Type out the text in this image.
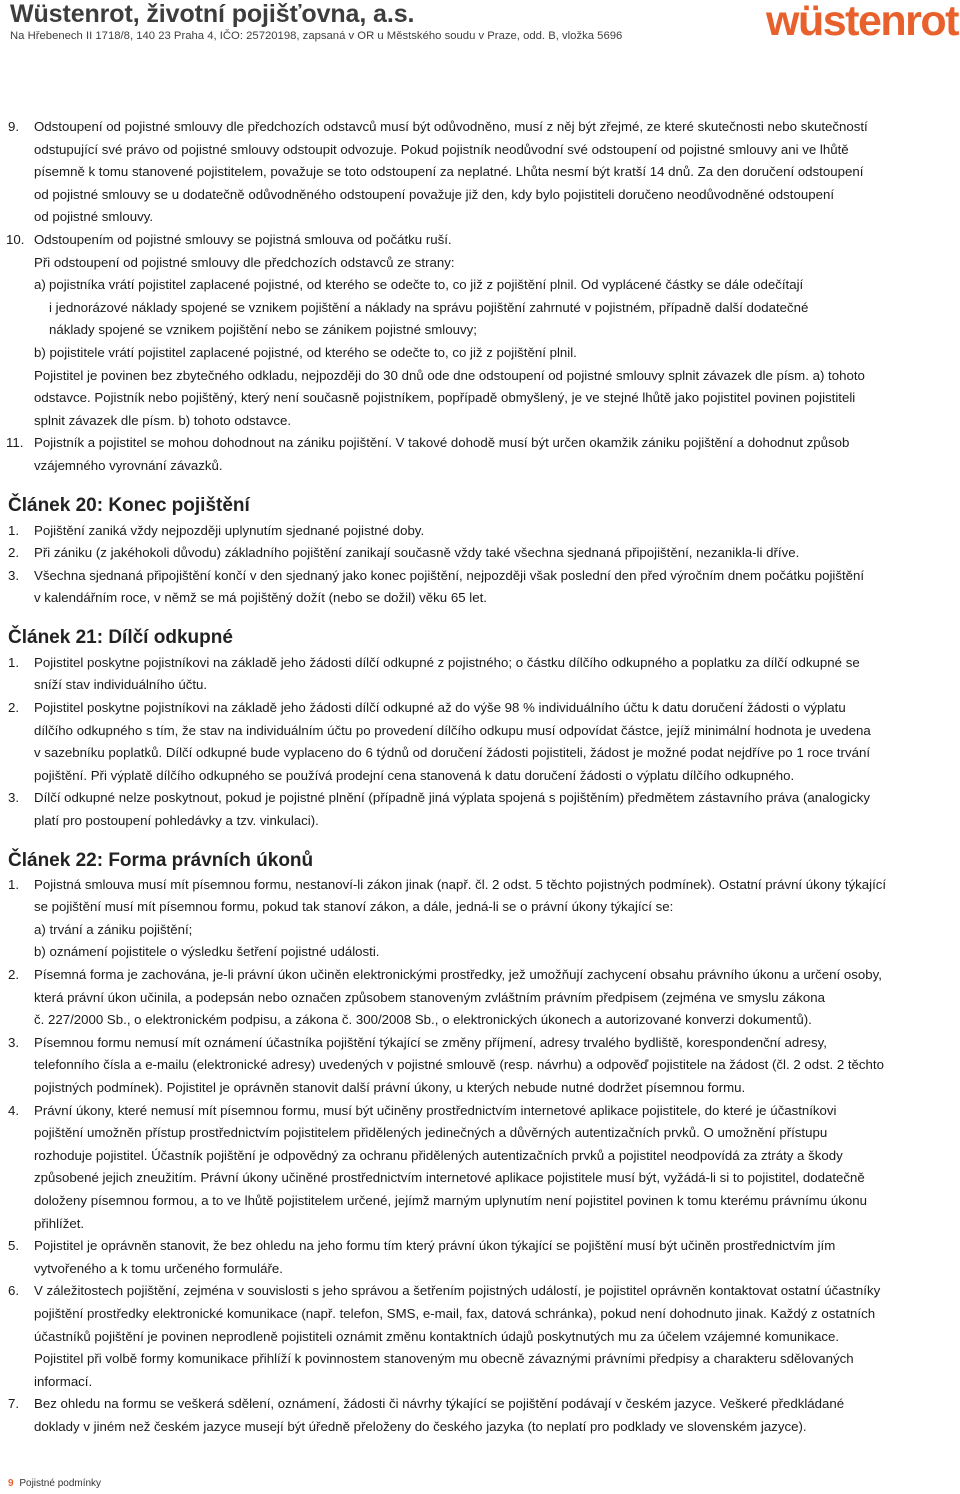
Wüstenrot, životní pojišťovna, a.s.
Na Hřebenech II 1718/8, 140 23 Praha 4, IČO: 25720198, zapsaná v OR u Městského soudu v Praze, odd. B, vložka 5696	wüstenrot
9. Odstoupení od pojistné smlouvy dle předchozích odstavců musí být odůvodněno, musí z něj být zřejmé, ze které skutečnosti nebo skutečností
odstupující své právo od pojistné smlouvy odstoupit odvozuje. Pokud pojistník neodůvodní své odstoupení od pojistné smlouvy ani ve lhůtě
písemně k tomu stanovené pojistitelem, považuje se toto odstoupení za neplatné. Lhůta nesmí být kratší 14 dnů. Za den doručení odstoupení
od pojistné smlouvy se u dodatečně odůvodněného odstoupení považuje již den, kdy bylo pojistiteli doručeno neodůvodněné odstoupení
od pojistné smlouvy.
10. Odstoupením od pojistné smlouvy se pojistná smlouva od počátku ruší.
Při odstoupení od pojistné smlouvy dle předchozích odstavců ze strany:
a) pojistníka vrátí pojistitel zaplacené pojistné, od kterého se odečte to, co již z pojištění plnil. Od vyplácené částky se dále odečítají
i jednorázové náklady spojené se vznikem pojištění a náklady na správu pojištění zahrnuté v pojistném, případně další dodatečné
náklady spojené se vznikem pojištění nebo se zánikem pojistné smlouvy;
b) pojistitele vrátí pojistitel zaplacené pojistné, od kterého se odečte to, co již z pojištění plnil.
Pojistitel je povinen bez zbytečného odkladu, nejpozději do 30 dnů ode dne odstoupení od pojistné smlouvy splnit závazek dle písm. a) tohoto
odstavce. Pojistník nebo pojištěný, který není současně pojistníkem, popřípadě obmyšlený, je ve stejné lhůtě jako pojistitel povinen pojistiteli
splnit závazek dle písm. b) tohoto odstavce.
11. Pojistník a pojistitel se mohou dohodnout na zániku pojištění. V takové dohodě musí být určen okamžik zániku pojištění a dohodnut způsob
vzájemného vyrovnání závazků.
Článek 20: Konec pojištění
1. Pojištění zaniká vždy nejpozději uplynutím sjednané pojistné doby.
2. Při zániku (z jakéhokoli důvodu) základního pojištění zanikají současně vždy také všechna sjednaná připojištění, nezanikla-li dříve.
3. Všechna sjednaná připojištění končí v den sjednaný jako konec pojištění, nejpozději však poslední den před výročním dnem počátku pojištění
v kalendářním roce, v němž se má pojištěný dožít (nebo se dožil) věku 65 let.
Článek 21: Dílčí odkupné
1. Pojistitel poskytne pojistníkovi na základě jeho žádosti dílčí odkupné z pojistného; o částku dílčího odkupného a poplatku za dílčí odkupné se
sníží stav individuálního účtu.
2. Pojistitel poskytne pojistníkovi na základě jeho žádosti dílčí odkupné až do výše 98 % individuálního účtu k datu doručení žádosti o výplatu
dílčího odkupného s tím, že stav na individuálním účtu po provedení dílčího odkupu musí odpovídat částce, jejíž minimální hodnota je uvedena
v sazebníku poplatků. Dílčí odkupné bude vyplaceno do 6 týdnů od doručení žádosti pojistiteli, žádost je možné podat nejdříve po 1 roce trvání
pojištění. Při výplatě dílčího odkupného se používá prodejní cena stanovená k datu doručení žádosti o výplatu dílčího odkupného.
3. Dílčí odkupné nelze poskytnout, pokud je pojistné plnění (případně jiná výplata spojená s pojištěním) předmětem zástavního práva (analogicky
platí pro postoupení pohledávky a tzv. vinkulaci).
Článek 22: Forma právních úkonů
1. Pojistná smlouva musí mít písemnou formu, nestanoví-li zákon jinak (např. čl. 2 odst. 5 těchto pojistných podmínek). Ostatní právní úkony týkající
se pojištění musí mít písemnou formu, pokud tak stanoví zákon, a dále, jedná-li se o právní úkony týkající se:
a) trvání a zániku pojištění;
b) oznámení pojistitele o výsledku šetření pojistné události.
2. Písemná forma je zachována, je-li právní úkon učiněn elektronickými prostředky, jež umožňují zachycení obsahu právního úkonu a určení osoby,
která právní úkon učinila, a podepsán nebo označen způsobem stanoveným zvláštním právním předpisem (zejména ve smyslu zákona
č. 227/2000 Sb., o elektronickém podpisu, a zákona č. 300/2008 Sb., o elektronických úkonech a autorizované konverzi dokumentů).
3. Písemnou formu nemusí mít oznámení účastníka pojištění týkající se změny příjmení, adresy trvalého bydliště, korespondenční adresy,
telefonního čísla a e-mailu (elektronické adresy) uvedených v pojistné smlouvě (resp. návrhu) a odpověď pojistitele na žádost (čl. 2 odst. 2 těchto
pojistných podmínek). Pojistitel je oprávněn stanovit další právní úkony, u kterých nebude nutné dodržet písemnou formu.
4. Právní úkony, které nemusí mít písemnou formu, musí být učiněny prostřednictvím internetové aplikace pojistitele, do které je účastníkovi
pojištění umožněn přístup prostřednictvím pojistitelem přidělených jedinečných a důvěrných autentizačních prvků. O umožnění přístupu
rozhoduje pojistitel. Účastník pojištění je odpovědný za ochranu přidělených autentizačních prvků a pojistitel neodpovídá za ztráty a škody
způsobené jejich zneužitím. Právní úkony učiněné prostřednictvím internetové aplikace pojistitele musí být, vyžádá-li si to pojistitel, dodatečně
doloženy písemnou formou, a to ve lhůtě pojistitelem určené, jejímž marným uplynutím není pojistitel povinen k tomu kterému právnímu úkonu
přihlížet.
5. Pojistitel je oprávněn stanovit, že bez ohledu na jeho formu tím který právní úkon týkající se pojištění musí být učiněn prostřednictvím jím
vytvořeného a k tomu určeného formuláře.
6. V záležitostech pojištění, zejména v souvislosti s jeho správou a šetřením pojistných událostí, je pojistitel oprávněn kontaktovat ostatní účastníky
pojištění prostředky elektronické komunikace (např. telefon, SMS, e-mail, fax, datová schránka), pokud není dohodnuto jinak. Každý z ostatních
účastníků pojištění je povinen neprodleně pojistiteli oznámit změnu kontaktních údajů poskytnutých mu za účelem vzájemné komunikace.
Pojistitel při volbě formy komunikace přihlíží k povinnostem stanoveným mu obecně závaznými právními předpisy a charakteru sdělovaných
informací.
7. Bez ohledu na formu se veškerá sdělení, oznámení, žádosti či návrhy týkající se pojištění podávají v českém jazyce. Veškeré předkládané
doklady v jiném než českém jazyce musejí být úředně přeloženy do českého jazyka (to neplatí pro podklady ve slovenském jazyce).
9 Pojistné podmínky
